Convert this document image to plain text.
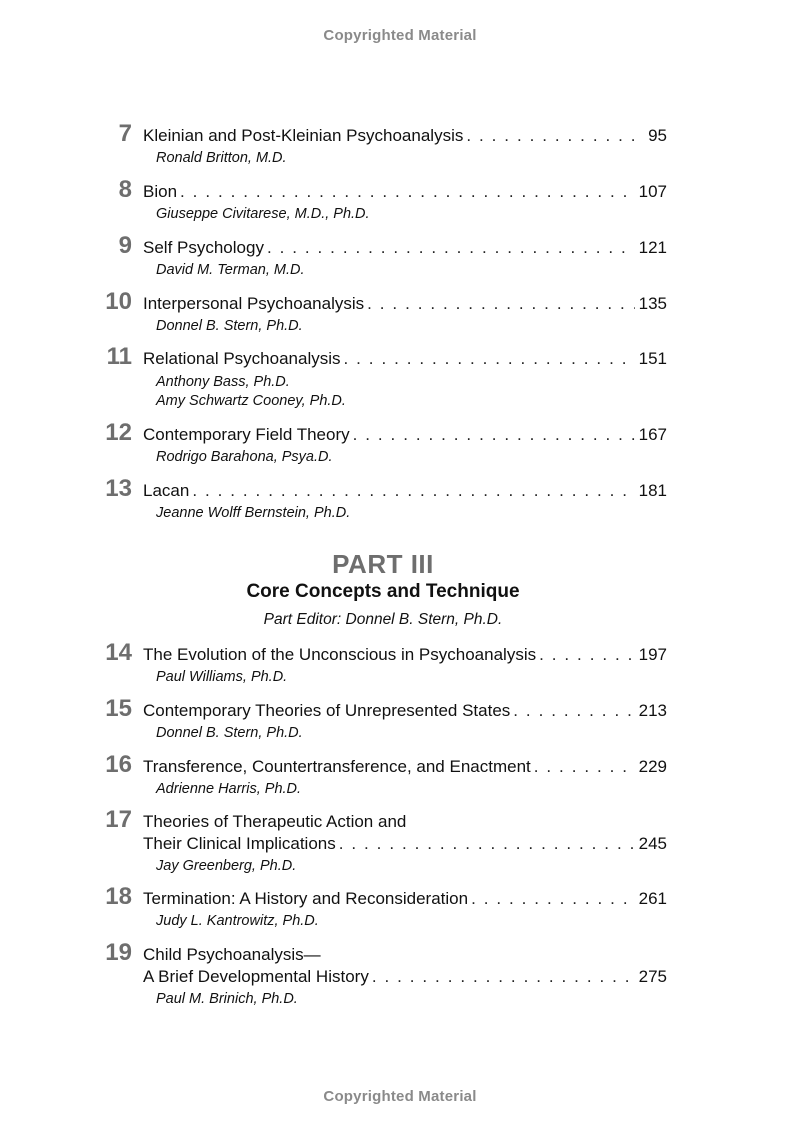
Copyrighted Material
7 Kleinian and Post-Kleinian Psychoanalysis . . .	95
Ronald Britton, M.D.
8 Bion . . .	107
Giuseppe Civitarese, M.D., Ph.D.
9 Self Psychology . . .	121
David M. Terman, M.D.
10 Interpersonal Psychoanalysis . . .	135
Donnel B. Stern, Ph.D.
11 Relational Psychoanalysis . . .	151
Anthony Bass, Ph.D.
Amy Schwartz Cooney, Ph.D.
12 Contemporary Field Theory . . .	167
Rodrigo Barahona, Psya.D.
13 Lacan . . .	181
Jeanne Wolff Bernstein, Ph.D.
PART III
Core Concepts and Technique
Part Editor: Donnel B. Stern, Ph.D.
14 The Evolution of the Unconscious in Psychoanalysis . . .	197
Paul Williams, Ph.D.
15 Contemporary Theories of Unrepresented States . . .	213
Donnel B. Stern, Ph.D.
16 Transference, Countertransference, and Enactment . . .	229
Adrienne Harris, Ph.D.
17 Theories of Therapeutic Action and
Their Clinical Implications . . .	245
Jay Greenberg, Ph.D.
18 Termination: A History and Reconsideration . . .	261
Judy L. Kantrowitz, Ph.D.
19 Child Psychoanalysis—
A Brief Developmental History . . .	275
Paul M. Brinich, Ph.D.
Copyrighted Material
